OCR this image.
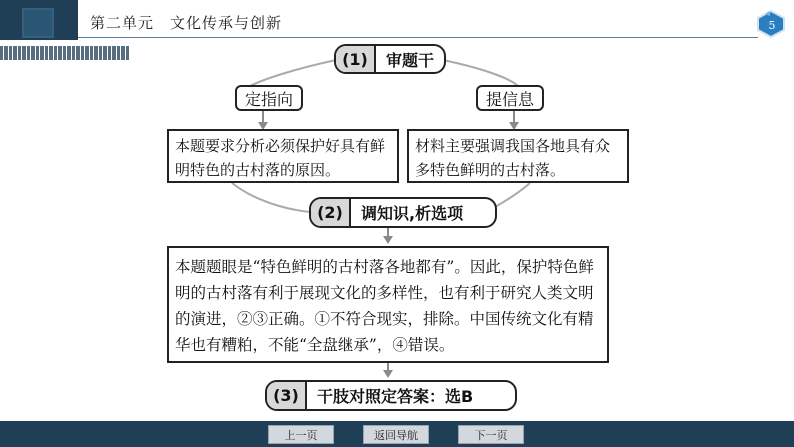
第二单元　文化传承与创新	5
(1)	审题干
定指向	提信息
本题要求分析必须保护好具有鲜明特色的古村落的原因。
材料主要强调我国各地具有众多特色鲜明的古村落。
(2)	调知识,析选项
本题题眼是“特色鲜明的古村落各地都有”。因此，保护特色鲜明的古村落有利于展现文化的多样性，也有利于研究人类文明的演进，②③正确。①不符合现实，排除。中国传统文化有精华也有糟粕，不能“全盘继承”，④错误。
(3)	干肢对照定答案：选B
上一页	返回导航	下一页
